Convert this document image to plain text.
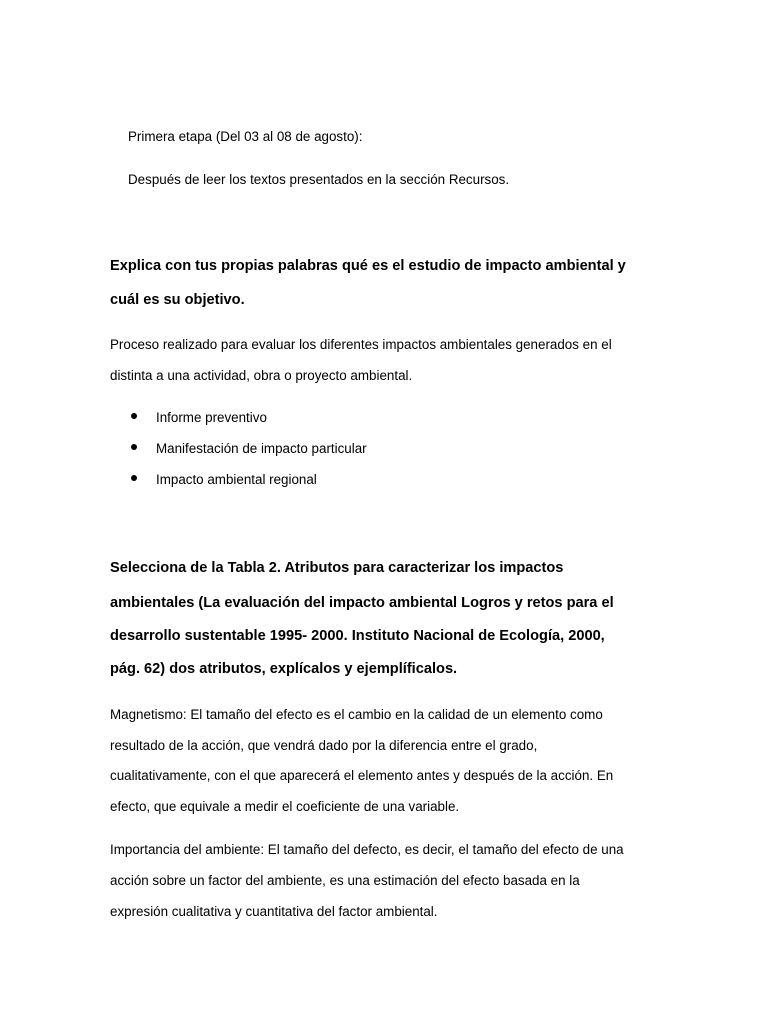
Primera etapa (Del 03 al 08 de agosto):

Después de leer los textos presentados en la sección Recursos.

Explica con tus propias palabras qué es el estudio de impacto ambiental y

cuál es su objetivo.

Proceso realizado para evaluar los diferentes impactos ambientales generados en el

distinta a una actividad, obra o proyecto ambiental.

Informe preventivo
Manifestación de impacto particular
Impacto ambiental regional

Selecciona de la Tabla 2. Atributos para caracterizar los impactos

ambientales (La evaluación del impacto ambiental Logros y retos para el

desarrollo sustentable 1995- 2000. Instituto Nacional de Ecología, 2000,

pág. 62) dos atributos, explícalos y ejemplíficalos.

Magnetismo: El tamaño del efecto es el cambio en la calidad de un elemento como

resultado de la acción, que vendrá dado por la diferencia entre el grado,

cualitativamente, con el que aparecerá el elemento antes y después de la acción. En

efecto, que equivale a medir el coeficiente de una variable.

Importancia del ambiente: El tamaño del defecto, es decir, el tamaño del efecto de una

acción sobre un factor del ambiente, es una estimación del efecto basada en la

expresión cualitativa y cuantitativa del factor ambiental.
